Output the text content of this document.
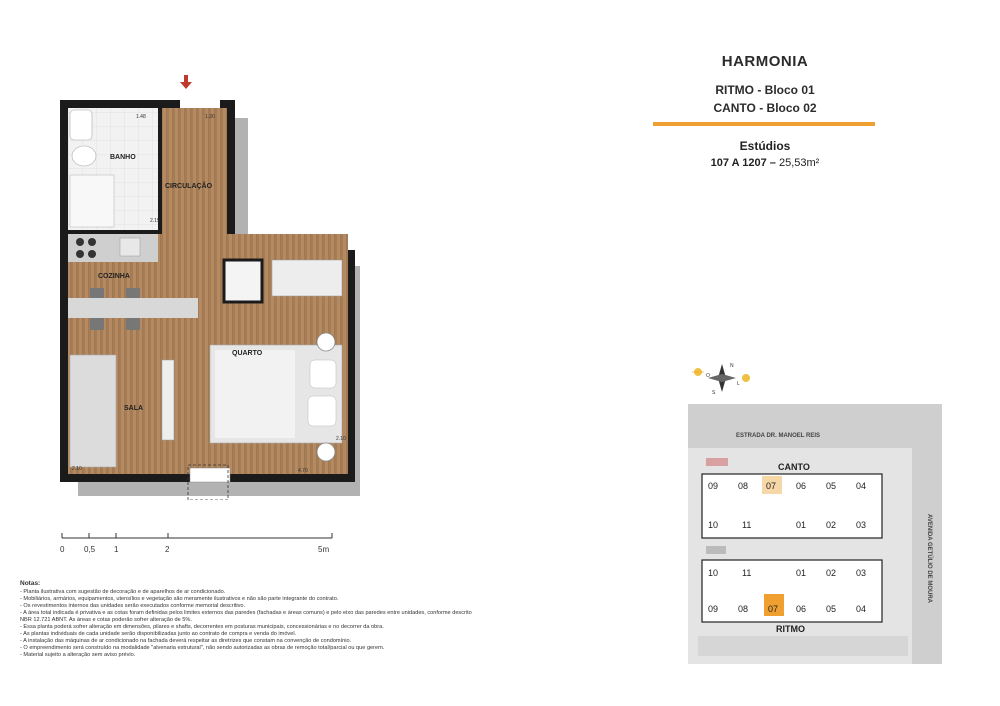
HARMONIA
RITMO - Bloco 01
CANTO - Bloco 02
Estúdios
107 A 1207 – 25,53m²
BANHO
CIRCULAÇÃO
COZINHA
SALA
QUARTO
1.48	1.30
2.15
2.10
4.70
2.10
0 0,5 1	2	5m
Notas:

- Planta ilustrativa com sugestão de decoração e de aparelhos de ar condicionado.

- Mobiliários, armários, equipamentos, utensílios e vegetação são meramente ilustrativos e não são parte integrante do contrato.

- Os revestimentos internos das unidades serão executados conforme memorial descritivo.

- A área total indicada é privativa e as cotas foram definidas pelos limites externos das paredes (fachadas e áreas comuns) e pelo eixo das paredes entre unidades, conforme descrito NBR 12.721 ABNT. As áreas e cotas poderão sofrer alteração de 5%.

- Essa planta poderá sofrer alteração em dimensões, pilares e shafts, decorrentes em posturas municipais, concessionárias e no decorrer da obra.

- As plantas individuais de cada unidade serão disponibilizadas junto ao contrato de compra e venda do imóvel.

- A instalação das máquinas de ar condicionado na fachada deverá respeitar as diretrizes que constam na convenção de condomínio.

- O empreendimento será construído na modalidade "alvenaria estrutural", não sendo autorizadas as obras de remoção total/parcial ou que gerem.

- Material sujeito a alteração sem aviso prévio.

N
O
L
S
ESTRADA DR. MANOEL REIS
AVENIDA GETÚLIO DE MOURA
CANTO
09 08 07 06 05 04
10	11	01 02 03
10	11	01 02 03
09 08 07 06 05 04
RITMO
